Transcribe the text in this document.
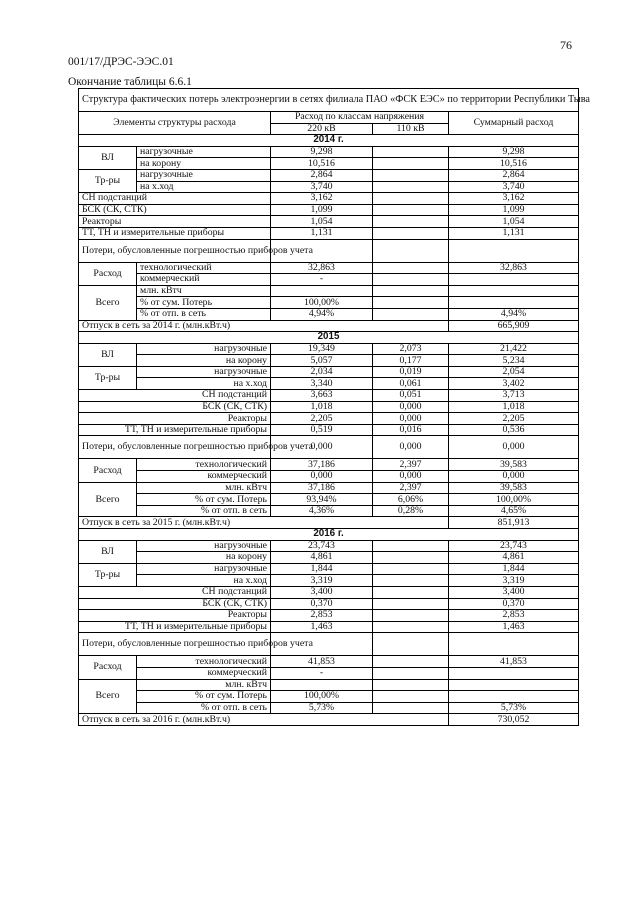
76
001/17/ДРЭС-ЭЭС.01
Окончание таблицы 6.6.1
Структура фактических потерь электроэнергии в сетях филиала ПАО «ФСК ЕЭС» по территории Республики Тыва				
Элементы структуры расхода		Расход по классам напряжения		Суммарный расход
		220 кВ	110 кВ	
2014 г.				
ВЛ	нагрузочные	9,298		9,298
	на корону	10,516		10,516
Тр-ры	нагрузочные	2,864		2,864
	на х.ход	3,740		3,740
СН подстанций		3,162		3,162
БСК (СК, СТК)		1,099		1,099
Реакторы		1,054		1,054
ТТ, ТН и измерительные приборы		1,131		1,131
Потери, обусловленные погрешностью приборов учета				
Расход	технологический	32,863		32,863
	коммерческий	-		
Всего	млн. кВтч			
	% от сум. Потерь	100,00%		
	% от отп. в сеть	4,94%		4,94%
Отпуск в сеть за 2014 г. (млн.кВт.ч)				665,909
2015				
ВЛ	нагрузочные	19,349	2,073	21,422
	на корону	5,057	0,177	5,234
Тр-ры	нагрузочные	2,034	0,019	2,054
	на х.ход	3,340	0,061	3,402
СН подстанций		3,663	0,051	3,713
БСК (СК, СТК)		1,018	0,000	1,018
Реакторы		2,205	0,000	2,205
ТТ, ТН и измерительные приборы		0,519	0,016	0,536
Потери, обусловленные погрешностью приборов учета		0,000	0,000	0,000
Расход	технологический	37,186	2,397	39,583
	коммерческий	0,000	0,000	0,000
Всего	млн. кВтч	37,186	2,397	39,583
	% от сум. Потерь	93,94%	6,06%	100,00%
	% от отп. в сеть	4,36%	0,28%	4,65%
Отпуск в сеть за 2015 г. (млн.кВт.ч)				851,913
2016 г.				
ВЛ	нагрузочные	23,743		23,743
	на корону	4,861		4,861
Тр-ры	нагрузочные	1,844		1,844
	на х.ход	3,319		3,319
СН подстанций		3,400		3,400
БСК (СК, СТК)		0,370		0,370
Реакторы		2,853		2,853
ТТ, ТН и измерительные приборы		1,463		1,463
Потери, обусловленные погрешностью приборов учета				
Расход	технологический	41,853		41,853
	коммерческий	-		
Всего	млн. кВтч			
	% от сум. Потерь	100,00%		
	% от отп. в сеть	5,73%		5,73%
Отпуск в сеть за 2016 г. (млн.кВт.ч)				730,052
